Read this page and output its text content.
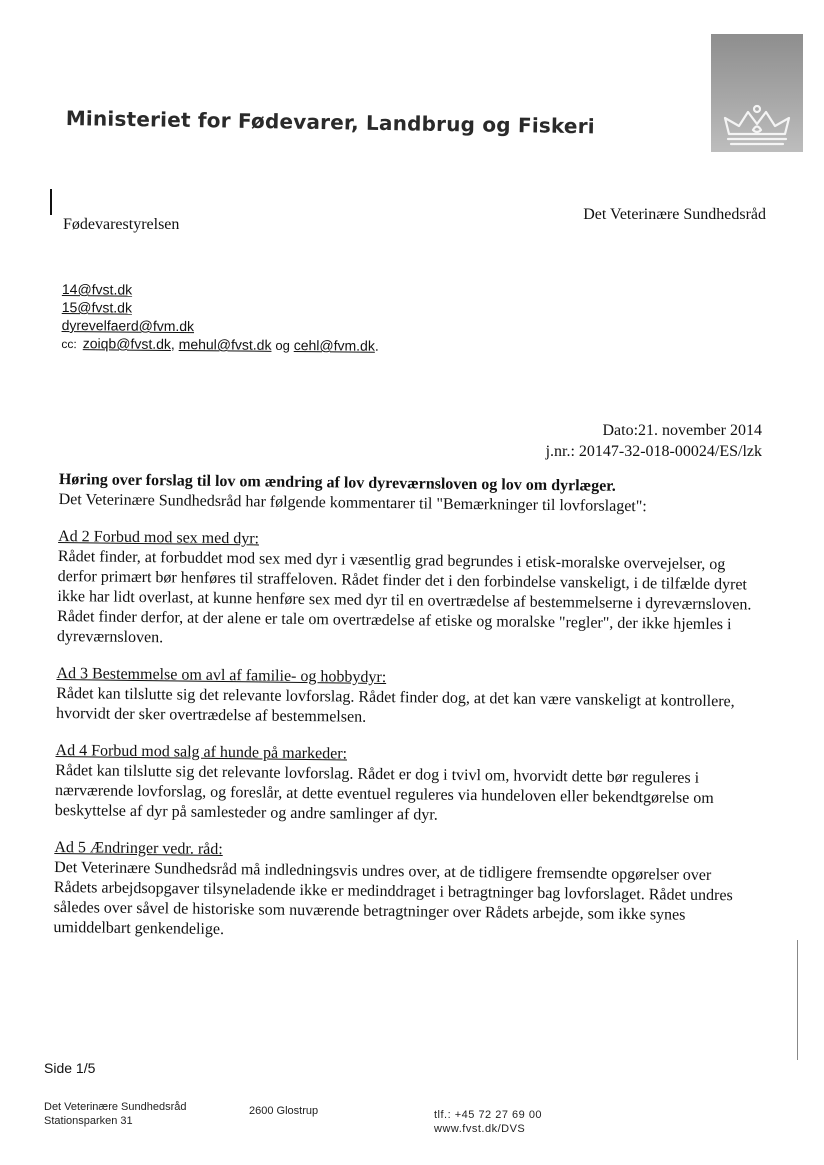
Ministeriet for Fødevarer, Landbrug og Fiskeri
Fødevarestyrelsen
Det Veterinære Sundhedsråd
14@fvst.dk
15@fvst.dk
dyrevelfaerd@fvm.dk
cc: zoiqb@fvst.dk, mehul@fvst.dk og cehl@fvm.dk.
Dato:21. november 2014
j.nr.: 20147-32-018-00024/ES/lzk

Høring over forslag til lov om ændring af lov dyreværnsloven og lov om dyrlæger.

Det Veterinære Sundhedsråd har følgende kommentarer til "Bemærkninger til lovforslaget":

Ad 2 Forbud mod sex med dyr:

Rådet finder, at forbuddet mod sex med dyr i væsentlig grad begrundes i etisk-moralske overvejelser, og derfor primært bør henføres til straffeloven. Rådet finder det i den forbindelse vanskeligt, i de tilfælde dyret ikke har lidt overlast, at kunne henføre sex med dyr til en overtrædelse af bestemmelserne i dyreværnsloven. Rådet finder derfor, at der alene er tale om overtrædelse af etiske og moralske "regler", der ikke hjemles i dyreværnsloven.

Ad 3 Bestemmelse om avl af familie- og hobbydyr:

Rådet kan tilslutte sig det relevante lovforslag. Rådet finder dog, at det kan være vanskeligt at kontrollere, hvorvidt der sker overtrædelse af bestemmelsen.

Ad 4 Forbud mod salg af hunde på markeder:

Rådet kan tilslutte sig det relevante lovforslag. Rådet er dog i tvivl om, hvorvidt dette bør reguleres i nærværende lovforslag, og foreslår, at dette eventuel reguleres via hundeloven eller bekendtgørelse om beskyttelse af dyr på samlesteder og andre samlinger af dyr.

Ad 5 Ændringer vedr. råd:

Det Veterinære Sundhedsråd må indledningsvis undres over, at de tidligere fremsendte opgørelser over Rådets arbejdsopgaver tilsyneladende ikke er medinddraget i betragtninger bag lovforslaget. Rådet undres således over såvel de historiske som nuværende betragtninger over Rådets arbejde, som ikke synes umiddelbart genkendelige.

Side 1/5
Det Veterinære Sundhedsråd
Stationsparken 31
2600 Glostrup	tlf.: +45 72 27 69 00
www.fvst.dk/DVS
